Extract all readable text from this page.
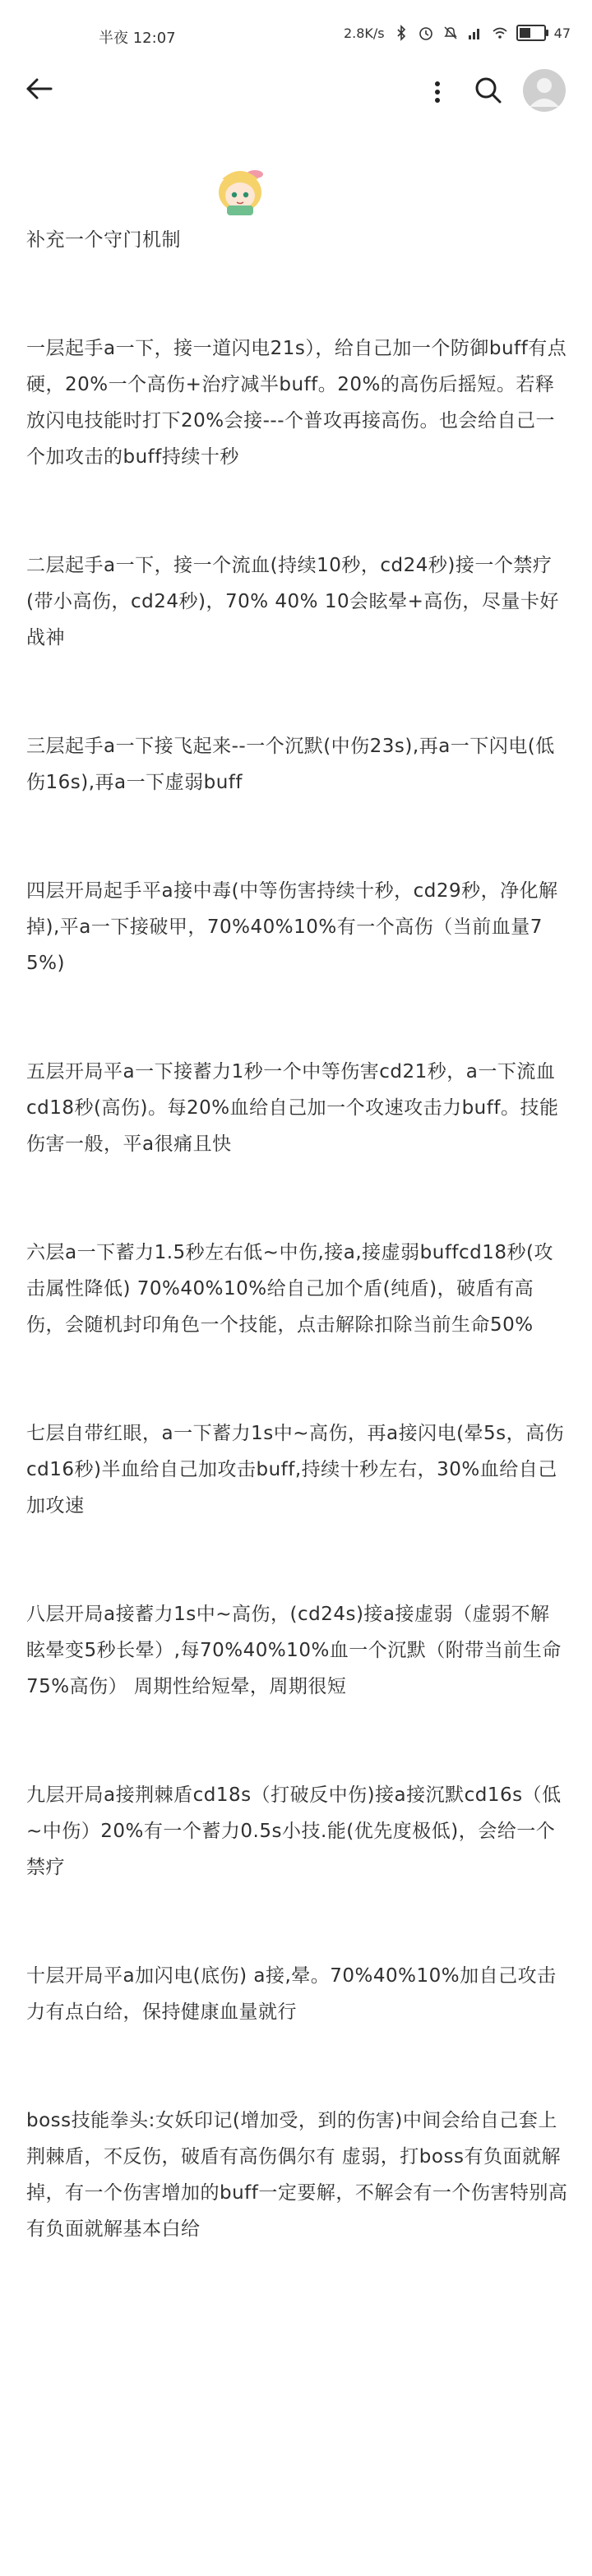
半夜 12:07	2.8K/s	47

补充一个守门机制

一层起手a一下，接一道闪电21s），给自己加一个防御buff有点硬，20%一个高伤+治疗减半buff。20%的高伤后摇短。若释放闪电技能时打下20%会接---个普攻再接高伤。也会给自己一个加攻击的buff持续十秒

二层起手a一下，接一个流血(持续10秒，cd24秒)接一个禁疗(带小高伤，cd24秒)，70% 40% 10会眩晕+高伤，尽量卡好战神

三层起手a一下接飞起来--一个沉默(中伤23s),再a一下闪电(低伤16s),再a一下虚弱buff

四层开局起手平a接中毒(中等伤害持续十秒，cd29秒，净化解掉),平a一下接破甲，70%40%10%有一个高伤（当前血量75%)

五层开局平a一下接蓄力1秒一个中等伤害cd21秒，a一下流血
cd18秒(高伤)。每20%血给自己加一个攻速攻击力buff。技能伤害一般，平a很痛且快

六层a一下蓄力1.5秒左右低~中伤,接a,接虚弱buffcd18秒(攻击属性降低) 70%40%10%给自己加个盾(纯盾)，破盾有高伤，会随机封印角色一个技能，点击解除扣除当前生命50%

七层自带红眼，a一下蓄力1s中~高伤，再a接闪电(晕5s，高伤cd16秒)半血给自己加攻击buff,持续十秒左右，30%血给自己加攻速

八层开局a接蓄力1s中~高伤，(cd24s)接a接虚弱（虚弱不解眩晕变5秒长晕）,每70%40%10%血一个沉默（附带当前生命75%高伤） 周期性给短晕，周期很短

九层开局a接荆棘盾cd18s（打破反中伤)接a接沉默cd16s（低~中伤）20%有一个蓄力0.5s小技.能(优先度极低)，会给一个禁疗

十层开局平a加闪电(底伤) a接,晕。70%40%10%加自己攻击力有点白给，保持健康血量就行

boss技能拳头:女妖印记(增加受，到的伤害)中间会给自己套上荆棘盾，不反伤，破盾有高伤偶尔有 虚弱，打boss有负面就解掉，有一个伤害增加的buff一定要解，不解会有一个伤害特别高
有负面就解基本白给
